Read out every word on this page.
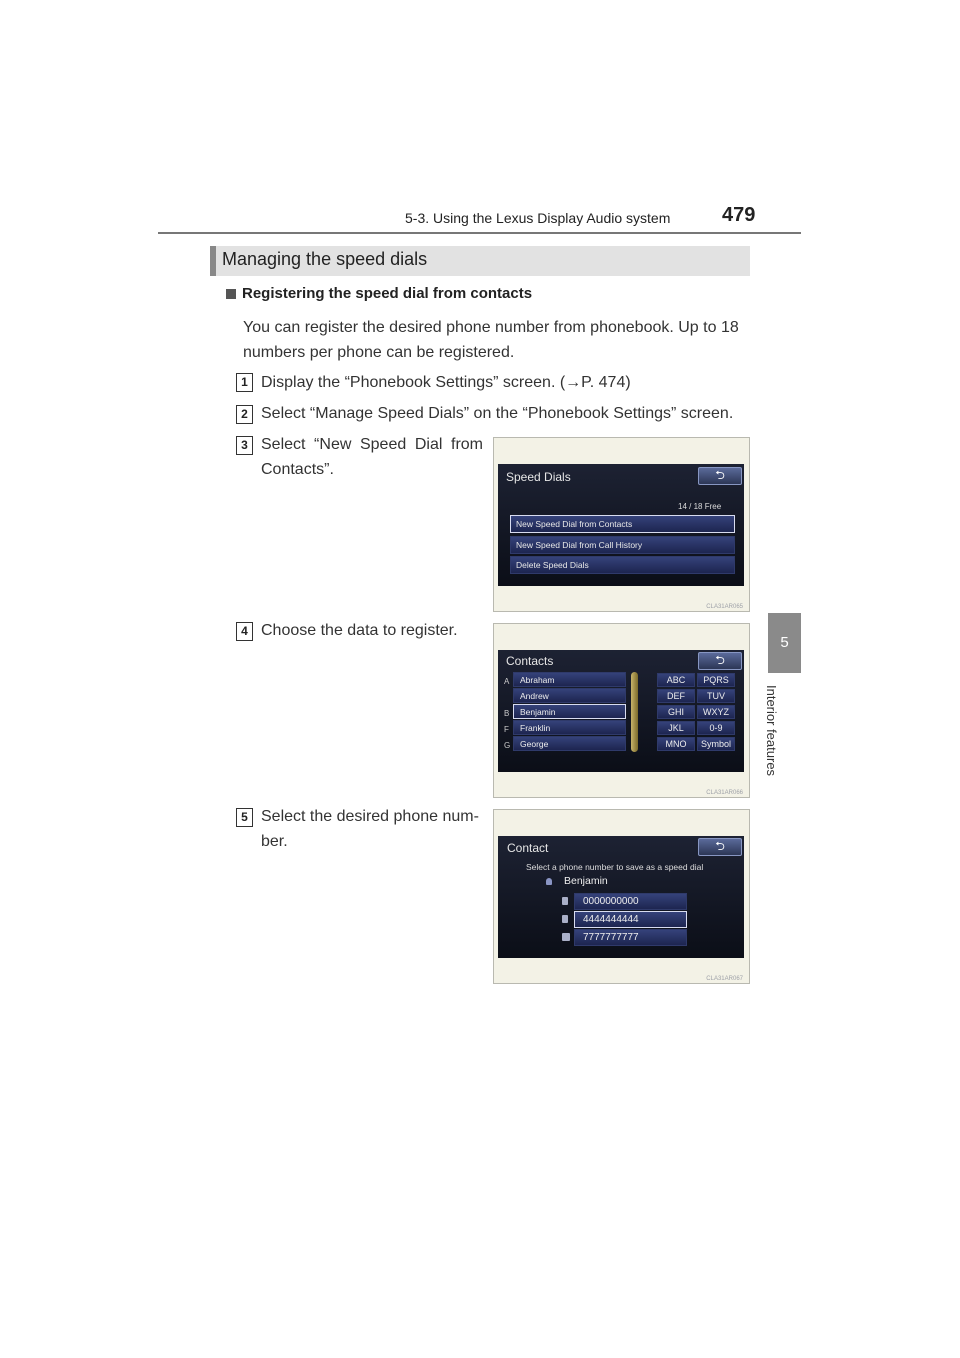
5-3. Using the Lexus Display Audio system	479
5
Interior features
Managing the speed dials
Registering the speed dial from contacts
You can register the desired phone number from phonebook. Up to 18 numbers per phone can be registered.
1 Display the “Phonebook Settings” screen. (→P. 474)
2 Select “Manage Speed Dials” on the “Phonebook Settings” screen.
3 Select “New Speed Dial from
Contacts”.
4 Choose the data to register.
5 Select the desired phone num-
ber.
Speed Dials	⮌
14 / 18 Free
New Speed Dial from Contacts
New Speed Dial from Call History
Delete Speed Dials
CLA31AR065
Contacts	⮌
A	Abraham
Andrew
B	Benjamin
F	Franklin
G	George
ABC	PQRS
DEF	TUV
GHI	WXYZ
JKL	0-9
MNO	Symbol
CLA31AR066
Contact	⮌
Select a phone number to save as a speed dial
Benjamin
0000000000
4444444444
7777777777
CLA31AR067
